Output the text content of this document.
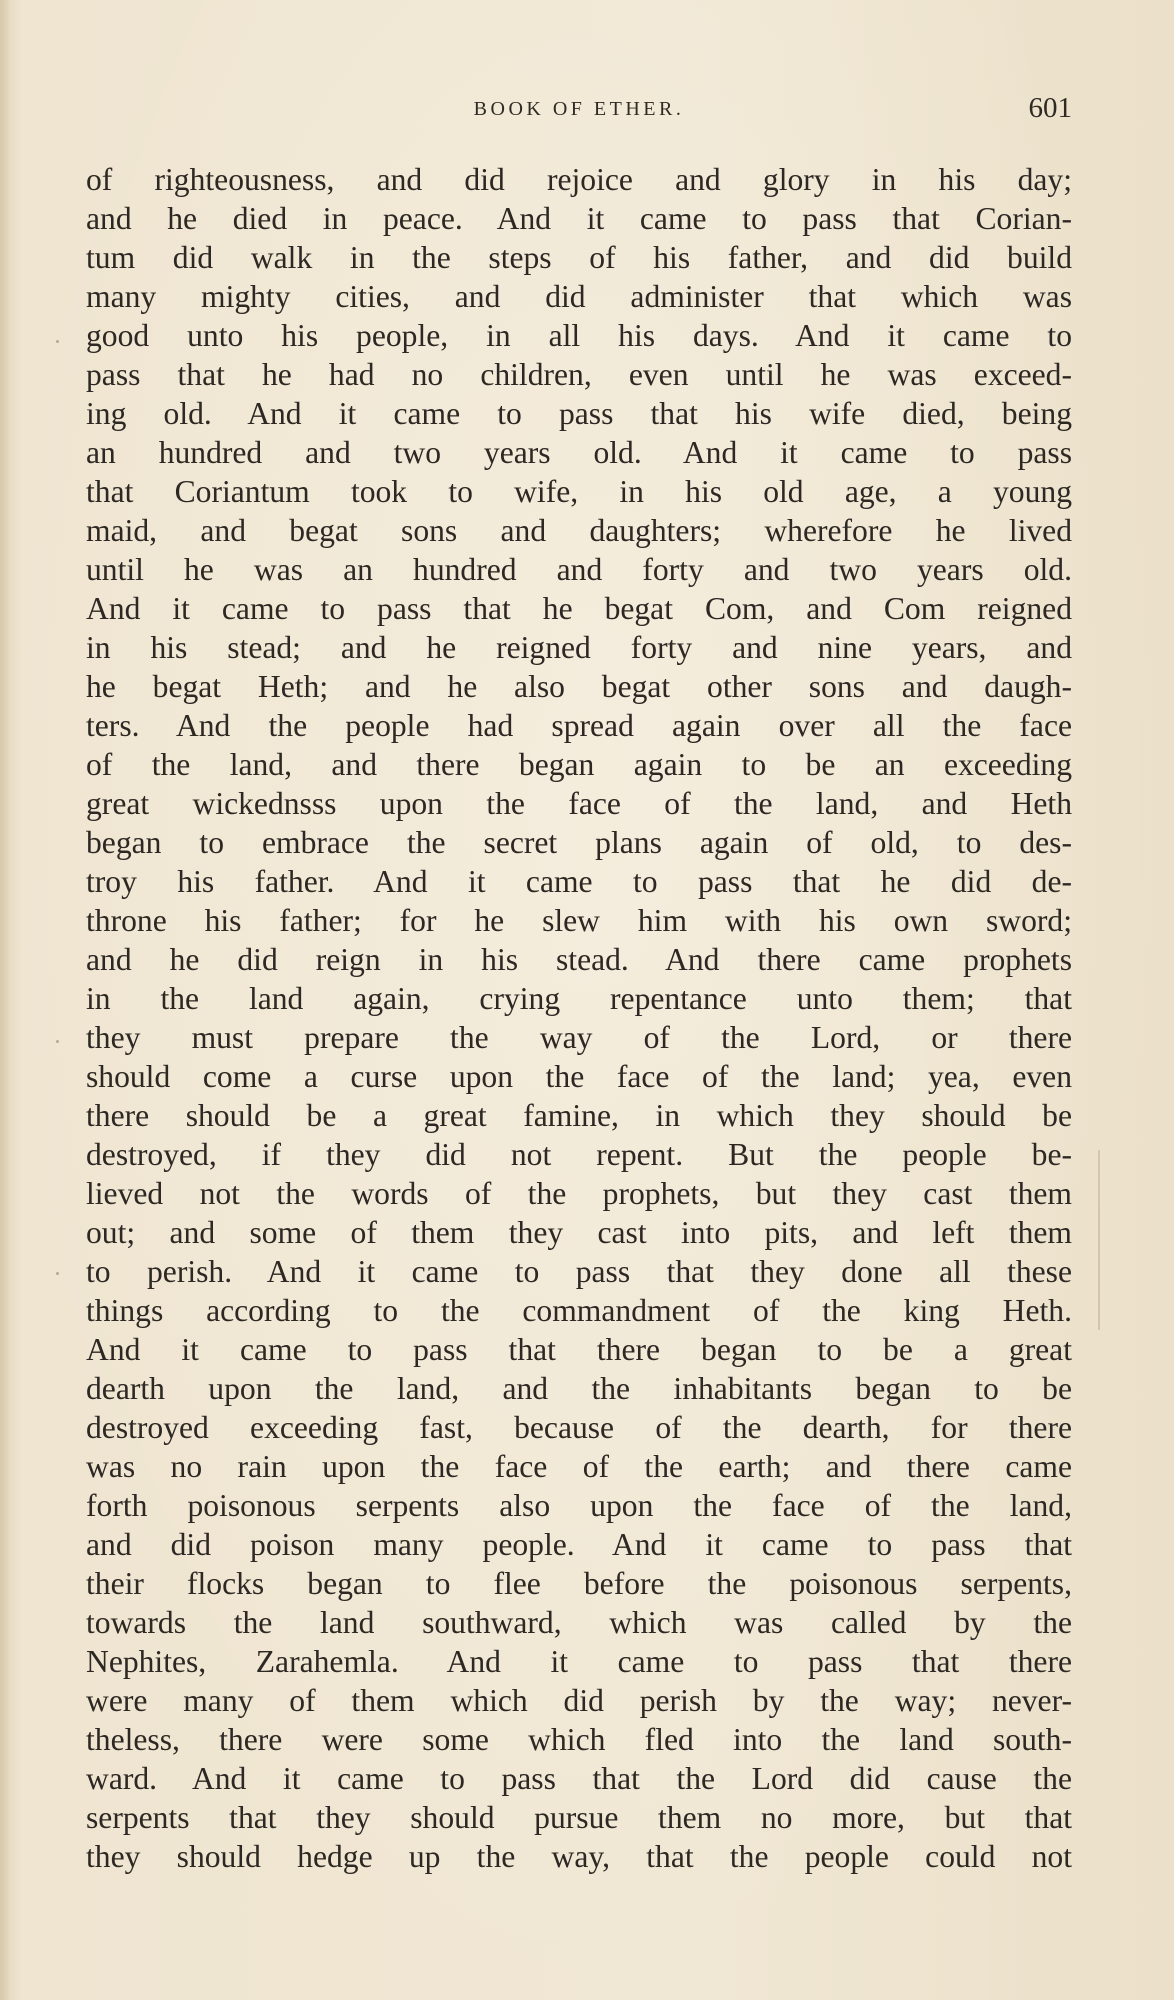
BOOK OF ETHER.	601
of righteousness, and did rejoice and glory in his day;
and he died in peace. And it came to pass that Corian-
tum did walk in the steps of his father, and did build
many mighty cities, and did administer that which was
good unto his people, in all his days. And it came to
pass that he had no children, even until he was exceed-
ing old. And it came to pass that his wife died, being
an hundred and two years old. And it came to pass
that Coriantum took to wife, in his old age, a young
maid, and begat sons and daughters; wherefore he lived
until he was an hundred and forty and two years old.
And it came to pass that he begat Com, and Com reigned
in his stead; and he reigned forty and nine years, and
he begat Heth; and he also begat other sons and daugh-
ters. And the people had spread again over all the face
of the land, and there began again to be an exceeding
great wickednsss upon the face of the land, and Heth
began to embrace the secret plans again of old, to des-
troy his father. And it came to pass that he did de-
throne his father; for he slew him with his own sword;
and he did reign in his stead. And there came prophets
in the land again, crying repentance unto them; that
they must prepare the way of the Lord, or there
should come a curse upon the face of the land; yea, even
there should be a great famine, in which they should be
destroyed, if they did not repent. But the people be-
lieved not the words of the prophets, but they cast them
out; and some of them they cast into pits, and left them
to perish. And it came to pass that they done all these
things according to the commandment of the king Heth.
And it came to pass that there began to be a great
dearth upon the land, and the inhabitants began to be
destroyed exceeding fast, because of the dearth, for there
was no rain upon the face of the earth; and there came
forth poisonous serpents also upon the face of the land,
and did poison many people. And it came to pass that
their flocks began to flee before the poisonous serpents,
towards the land southward, which was called by the
Nephites, Zarahemla. And it came to pass that there
were many of them which did perish by the way; never-
theless, there were some which fled into the land south-
ward. And it came to pass that the Lord did cause the
serpents that they should pursue them no more, but that
they should hedge up the way, that the people could not
